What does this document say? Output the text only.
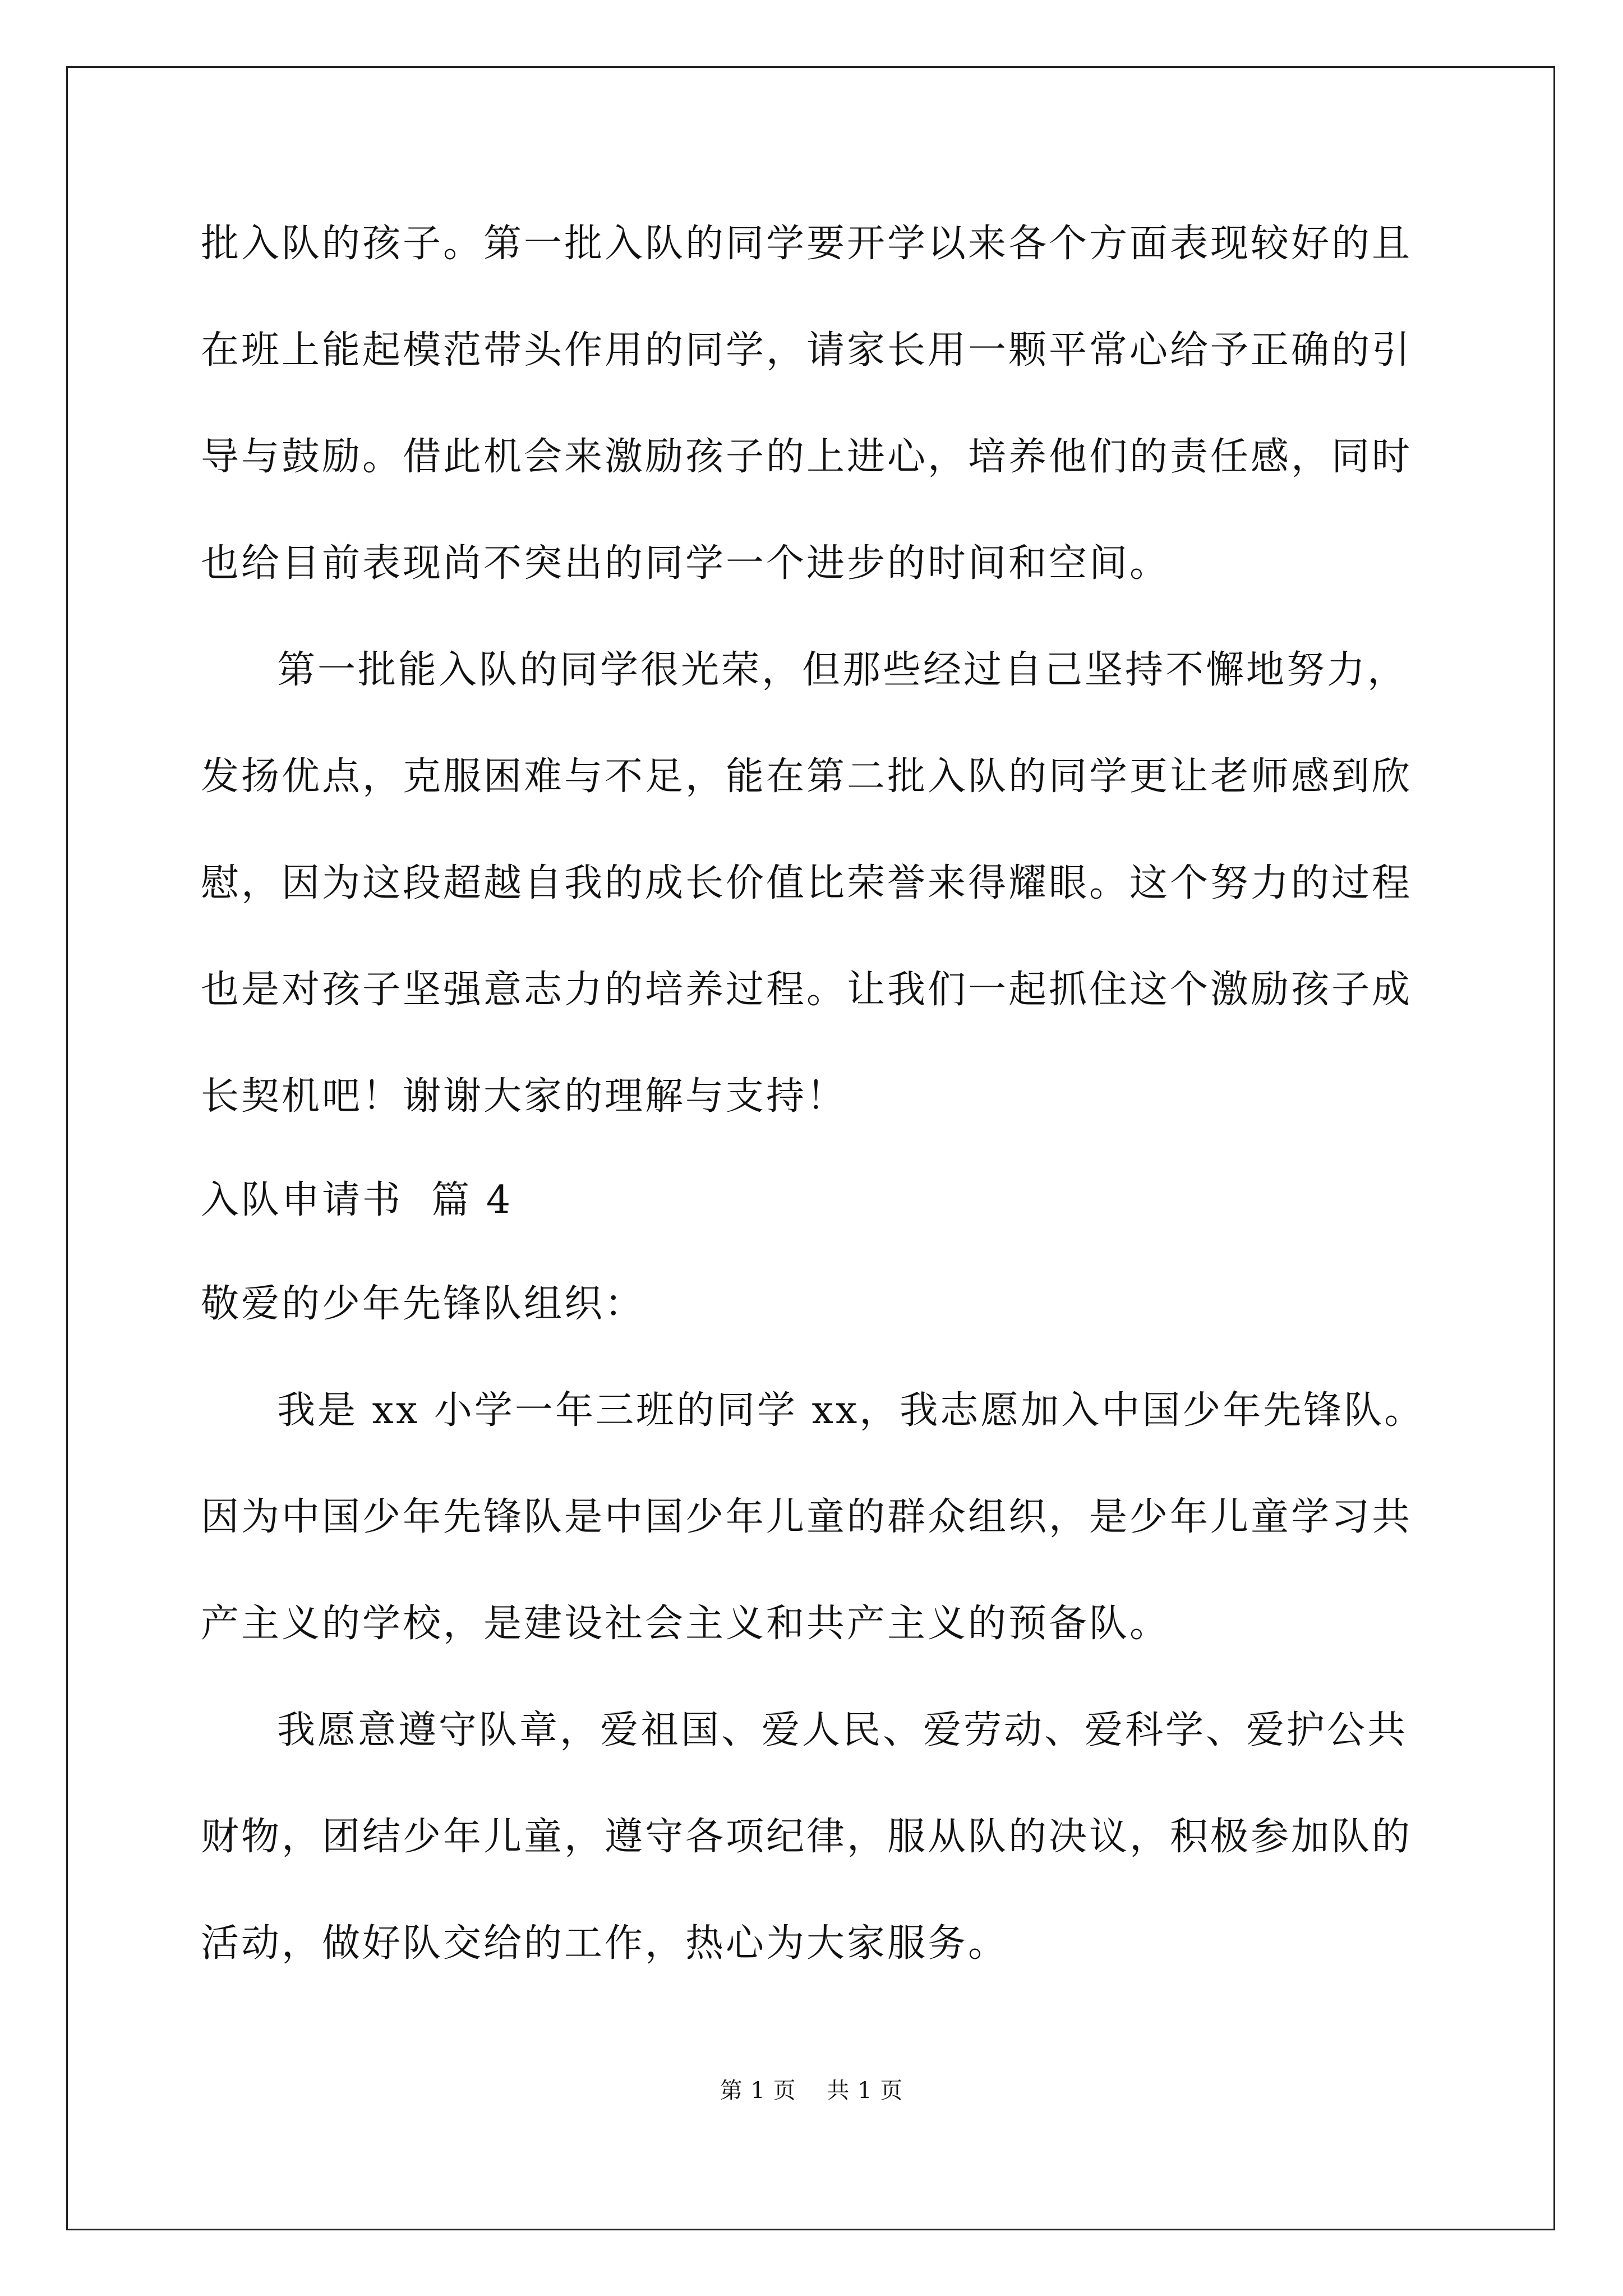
批入队的孩子。第一批入队的同学要开学以来各个方面表现较好的且
在班上能起模范带头作用的同学，请家长用一颗平常心给予正确的引
导与鼓励。借此机会来激励孩子的上进心，培养他们的责任感，同时
也给目前表现尚不突出的同学一个进步的时间和空间。
第一批能入队的同学很光荣，但那些经过自己坚持不懈地努力，
发扬优点，克服困难与不足，能在第二批入队的同学更让老师感到欣
慰，因为这段超越自我的成长价值比荣誉来得耀眼。这个努力的过程
也是对孩子坚强意志力的培养过程。让我们一起抓住这个激励孩子成
长契机吧！谢谢大家的理解与支持！
入队申请书  篇 4
敬爱的少年先锋队组织：
我是 xx 小学一年三班的同学 xx，我志愿加入中国少年先锋队。
因为中国少年先锋队是中国少年儿童的群众组织，是少年儿童学习共
产主义的学校，是建设社会主义和共产主义的预备队。
我愿意遵守队章，爱祖国、爱人民、爱劳动、爱科学、爱护公共
财物，团结少年儿童，遵守各项纪律，服从队的决议，积极参加队的
活动，做好队交给的工作，热心为大家服务。
第 1 页    共 1 页
